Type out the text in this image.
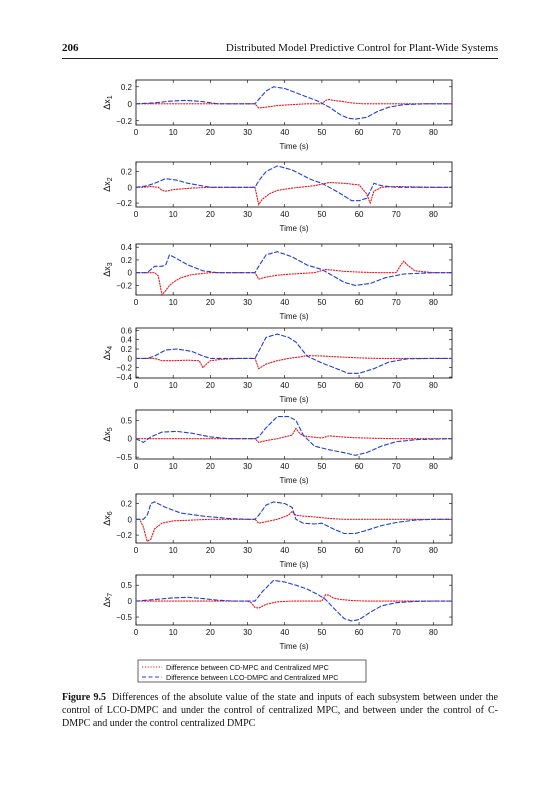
206	Distributed Model Predictive Control for Plant-Wide Systems
0	10	20	30	40	50	60	70	80
−0.2
0
0.2
Time (s)
$\Delta x_1$
0	10	20	30	40	50	60	70	80
−0.2
0
0.2
Time (s)
$\Delta x_2$
0	10	20	30	40	50	60	70	80
−0.2
0
0.2
0.4
Time (s)
$\Delta x_3$
0	10	20	30	40	50	60	70	80
−0.4
−0.2
0
0.2
0.4
0.6
Time (s)
$\Delta x_4$
0	10	20	30	40	50	60	70	80
−0.5
0
0.5
Time (s)
$\Delta x_5$
0	10	20	30	40	50	60	70	80
−0.2
0
0.2
Time (s)
$\Delta x_6$
0	10	20	30	40	50	60	70	80
−0.5
0
0.5
Time (s)
$\Delta x_7$
Difference between CD-MPC and Centralized MPC
Difference between LCO-DMPC and Centralized MPC
Figure 9.5 Differences of the absolute value of the state and inputs of each subsystem between under the control of LCO-DMPC and under the control of centralized MPC, and between under the control of C-DMPC and under the control centralized DMPC
